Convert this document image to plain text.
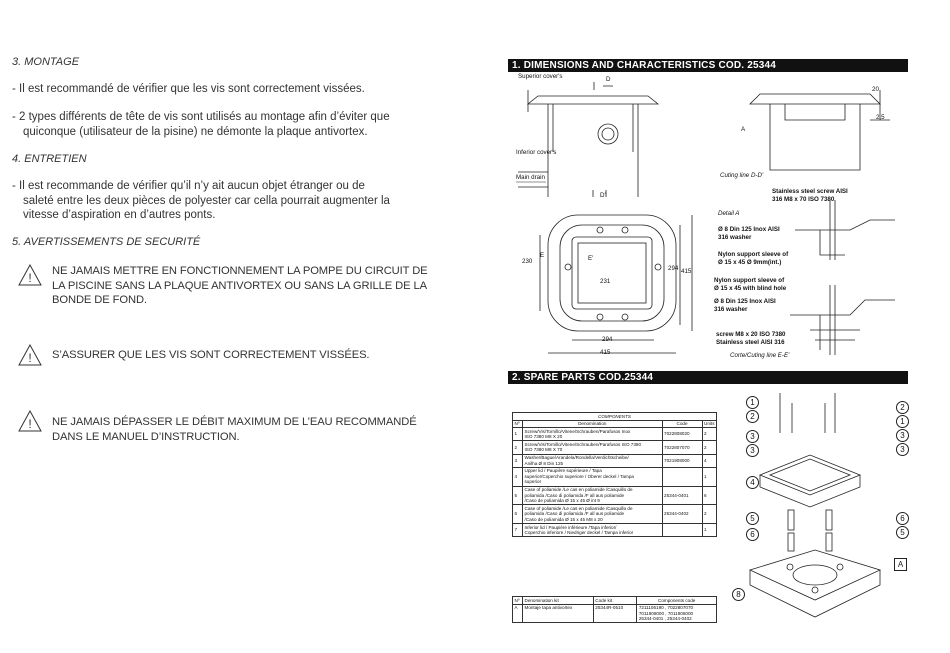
3. MONTAGE
- Il est recommandé de vérifier que les vis sont correctement vissées.
- 2 types différents de tête de vis sont utilisés au montage afin d’éviter que
quiconque (utilisateur de la pisine) ne démonte la plaque antivortex.
4. ENTRETIEN
- Il est recommande de vérifier qu’il n’y ait aucun objet étranger ou de
saleté entre les deux pièces de polyester car cella pourrait augmenter la
vitesse d’aspiration en d’autres ponts.
5. AVERTISSEMENTS DE SECURITÉ
! NE JAMAIS METTRE EN FONCTIONNEMENT LA POMPE DU CIRCUIT DE
LA PISCINE SANS LA PLAQUE ANTIVORTEX OU SANS LA GRILLE DE LA
BONDE DE FOND.
! S’ASSURER QUE LES VIS SONT CORRECTEMENT VISSÉES.
! NE JAMAIS DÉPASSER LE DÉBIT MAXIMUM DE L’EAU RECOMMANDÉ
DANS LE MANUEL D’INSTRUCTION.
1. DIMENSIONS AND CHARACTERISTICS COD. 25344
Superior cover's
Inferior cover's
Main drain
D
D'
A
20
2,5
Cuting line D-D'
230
231
294 415
294
415
E	E'
Stainless steel screw AISI
316 M8 x 70 ISO 7380
Detail A
Ø 8 Din 125 Inox AISI
316 washer
Nylon support sleeve of
Ø 15 x 45 Ø 9mm(int.)
Nylon support sleeve of
Ø 15 x 45 with blind hole
Ø 8 Din 125 Inox AISI
316 washer
screw M8 x 20 ISO 7380
Stainless steel AISI 316
Corte/Cuting line E-E'
2. SPARE PARTS COD.25344
COMPONENTS			
Nº	Denomination	Code	Units
1	Screw/Vis/Tornillo/Vitene/Schrauben/Parafusos Inox
ISO 7380 M8 X 20	7022808020	2
2	Screw/Vis/Tornillo/Vitene/Schrauben/Parafusos ISO 7380
ISO 7380 M8 X 70	7022807070	2
3	Washer/Bague/Arandela/Rondella/Verdichtscheibe/
Anilha Ø 8 Din 125	7021908000	4
4	Upper lid / Paupière supérieure / Tapa
superior/Coperchio superiore / Oberer deckel / Tampa
superior		1
5	Case of poliamide /Le cas en poliamide /Casquillo de
poliamida /Caso di poliamida /F all aus poliamide
/Caso de poliamida Ø 15 x 45 Ø int 9	25344-0401	6
6	Case of poliamide /Le cas en poliamide /Casquillo de
poliamida /Caso di poliamida /F all aus poliamide
/Caso de poliamida Ø 15 x 45 M8 x 20	25344-0402	2
7	Inferior lid / Paupière inférieure /Tapa inferior/
Coperchio inferiore / Niedriger deckel / Tampa inferior		1
Nº	Denomination kit	Code kit	Components code
A	Montaje tapa antivortex	25344R-0510	7211106190 , 7022807070
7011908000 , 7011906000
25344-0401 , 25344-0402
1
2
3
3
4
5
6
8
2
1
3
3
6
5
A
